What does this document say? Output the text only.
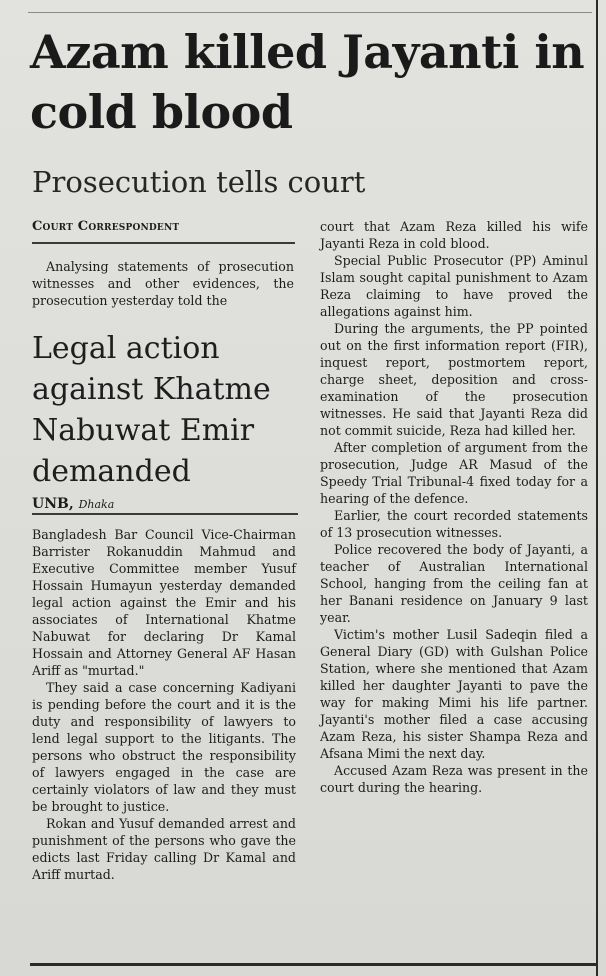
Azam killed Jayanti in cold blood
Prosecution tells court
Court Correspondent

Analysing statements of prosecution witnesses and other evidences, the prosecution yesterday told the

Legal action against Khatme Nabuwat Emir demanded
UNB, Dhaka

Bangladesh Bar Council Vice-Chairman Barrister Rokanuddin Mahmud and Executive Committee member Yusuf Hossain Humayun yesterday demanded legal action against the Emir and his associates of International Khatme Nabuwat for declaring Dr Kamal Hossain and Attorney General AF Hasan Ariff as "murtad."

They said a case concerning Kadiyani is pending before the court and it is the duty and responsibility of lawyers to lend legal support to the litigants. The persons who obstruct the responsibility of lawyers engaged in the case are certainly violators of law and they must be brought to justice.

Rokan and Yusuf demanded arrest and punishment of the persons who gave the edicts last Friday calling Dr Kamal and Ariff murtad.

court that Azam Reza killed his wife Jayanti Reza in cold blood.

Special Public Prosecutor (PP) Aminul Islam sought capital punishment to Azam Reza claiming to have proved the allegations against him.

During the arguments, the PP pointed out on the first information report (FIR), inquest report, postmortem report, charge sheet, deposition and cross-examination of the prosecution witnesses. He said that Jayanti Reza did not commit suicide, Reza had killed her.

After completion of argument from the prosecution, Judge AR Masud of the Speedy Trial Tribunal-4 fixed today for a hearing of the defence.

Earlier, the court recorded statements of 13 prosecution witnesses.

Police recovered the body of Jayanti, a teacher of Australian International School, hanging from the ceiling fan at her Banani residence on January 9 last year.

Victim's mother Lusil Sadeqin filed a General Diary (GD) with Gulshan Police Station, where she mentioned that Azam killed her daughter Jayanti to pave the way for making Mimi his life partner. Jayanti's mother filed a case accusing Azam Reza, his sister Shampa Reza and Afsana Mimi the next day.

Accused Azam Reza was present in the court during the hearing.
